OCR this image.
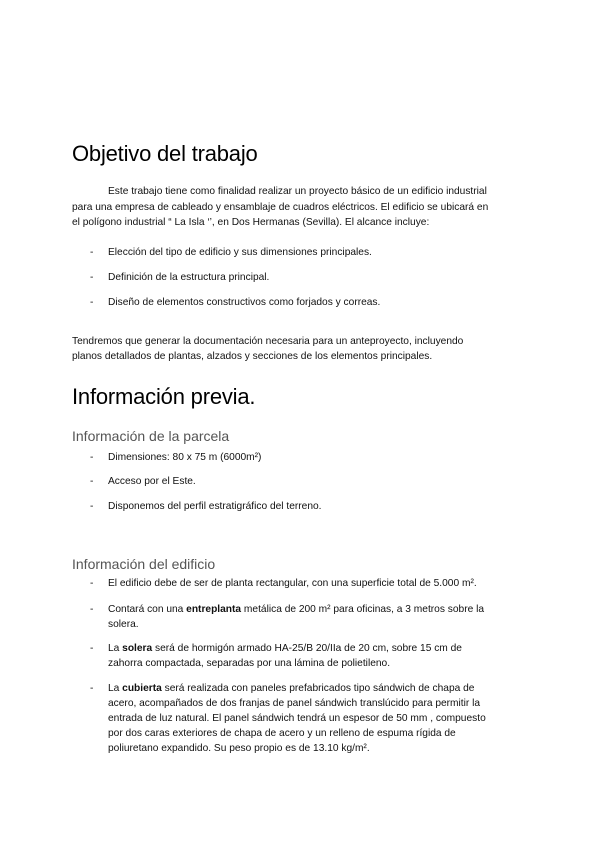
Objetivo del trabajo
Este trabajo tiene como finalidad realizar un proyecto básico de un edificio industrial
para una empresa de cableado y ensamblaje de cuadros eléctricos. El edificio se ubicará en
el polígono industrial “ La Isla ‘’, en Dos Hermanas (Sevilla). El alcance incluye:
- Elección del tipo de edificio y sus dimensiones principales.
- Definición de la estructura principal.
- Diseño de elementos constructivos como forjados y correas.
Tendremos que generar la documentación necesaria para un anteproyecto, incluyendo
planos detallados de plantas, alzados y secciones de los elementos principales.
Información previa.
Información de la parcela
- Dimensiones: 80 x 75 m (6000m²)
- Acceso por el Este.
- Disponemos del perfil estratigráfico del terreno.
Información del edificio
- El edificio debe de ser de planta rectangular, con una superficie total de 5.000 m².
- Contará con una entreplanta metálica de 200 m² para oficinas, a 3 metros sobre la
solera.
- La solera será de hormigón armado HA-25/B 20/IIa de 20 cm, sobre 15 cm de
zahorra compactada, separadas por una lámina de polietileno.
- La cubierta será realizada con paneles prefabricados tipo sándwich de chapa de
acero, acompañados de dos franjas de panel sándwich translúcido para permitir la
entrada de luz natural. El panel sándwich tendrá un espesor de 50 mm , compuesto
por dos caras exteriores de chapa de acero y un relleno de espuma rígida de
poliuretano expandido. Su peso propio es de 13.10 kg/m².
